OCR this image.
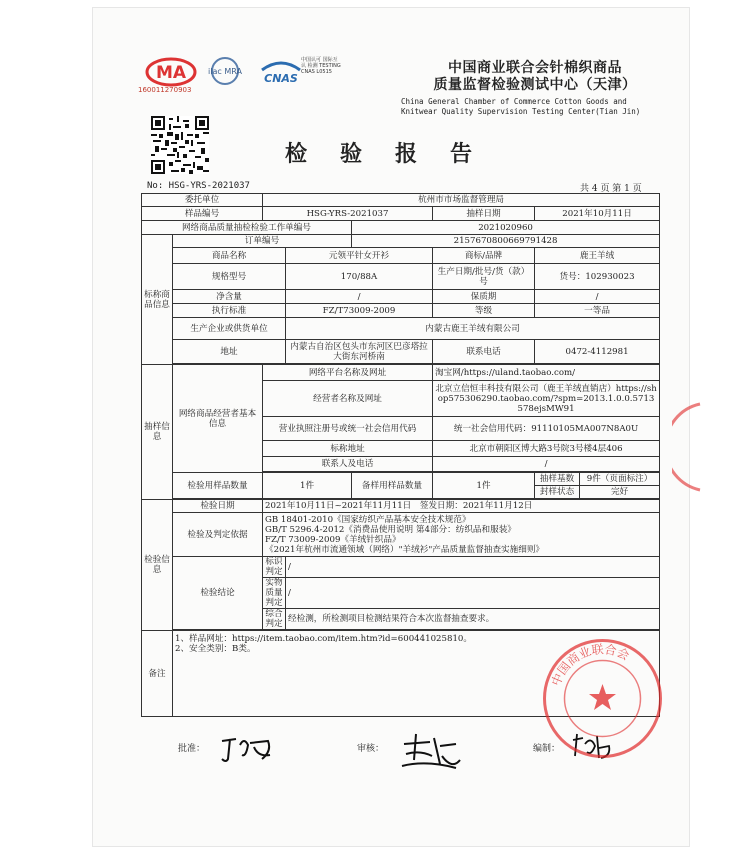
MA
160011270903
ilac MRA
CNAS
中国认可 国际互认 检测 TESTING CNAS L0515	中国商业联合会针棉织商品
质量监督检验测试中心（天津）
China General Chamber of Commerce Cotton Goods and
Knitwear Quality Supervision Testing Center(Tian Jin)
检验报告
No: HSG-YRS-2021037	共 4 页 第 1 页
委托单位		杭州市市场监督管理局					
样品编号		HSG-YRS-2021037			抽样日期	2021年10月11日	
网络商品质量抽检检验工作单编号				2021020960			
标称商品信息	订单编号			2157670800669791428			
	商品名称		元领平针女开衫		商标/品牌	鹿王羊绒	
	规格型号		170/88A		生产日期/批号/货（款）号	货号：102930023	
	净含量		/		保质期	/	
	执行标准		FZ/T73009-2009		等级	一等品	
	生产企业或供货单位		内蒙古鹿王羊绒有限公司				
	地址		内蒙古自治区包头市东河区巴彦塔拉大街东河桥南		联系电话	0472-4112981	

抽样信息	网络商品经营者基本信息	网络平台名称及网址			淘宝网/https://uland.taobao.com/		
		经营者名称及网址			北京立信恒丰科技有限公司（鹿王羊绒直销店）https://shop575306290.taobao.com/?spm=2013.1.0.0.5713578ejsMW91		
		营业执照注册号或统一社会信用代码			统一社会信用代码：91110105MA007N8A0U		
		标称地址			北京市朝阳区博大路3号院3号楼4层406		
		联系人及电话			/		

	检验用样品数量	1件		备样用样品数量	1件	抽样基数	9件（页面标注）
						封样状态	完好

检验信息	检验日期	2021年10月11日~2021年11月11日　签发日期：2021年11月12日					
	检验及判定依据	GB 18401-2010《国家纺织产品基本安全技术规范》
GB/T 5296.4-2012《消费品使用说明 第4部分：纺织品和服装》
FZ/T 73009-2009《羊绒针织品》
《2021年杭州市流通领域（网络）"羊绒衫"产品质量监督抽查实施细则》					

	检验结论	标识判定	/				
		实物质量判定	/				
		综合判定	经检测，所检测项目检测结果符合本次监督抽查要求。				

备注	1、样品网址：https://item.taobao.com/item.htm?id=600441025810。
2、安全类别：B类。						
批准：	审核：	编制：
中国商业联合会
